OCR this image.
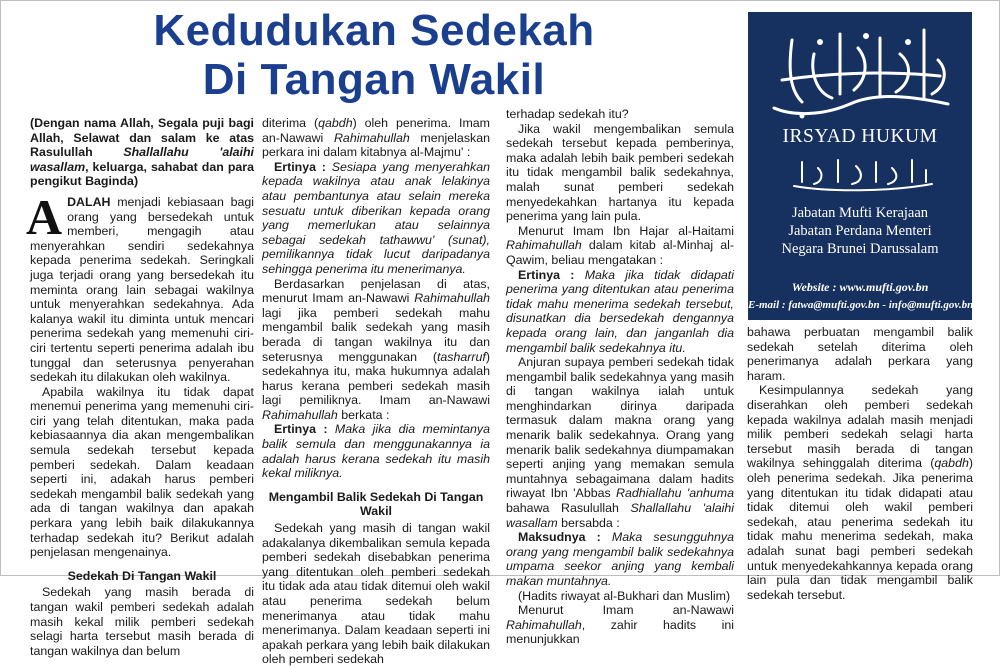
Kedudukan Sedekah
Di Tangan Wakil
IRSYAD HUKUM
Jabatan Mufti Kerajaan
Jabatan Perdana Menteri
Negara Brunei Darussalam
Website : www.mufti.gov.bn
E-mail : fatwa@mufti.gov.bn - info@mufti.gov.bn

(Dengan nama Allah, Segala puji bagi Allah, Selawat dan salam ke atas Rasulullah Shallallahu 'alaihi wasallam, keluarga, sahabat dan para pengikut Baginda)

ADALAH menjadi kebiasaan bagi orang yang bersedekah untuk memberi, mengagih atau menyerahkan sendiri sedekahnya kepada penerima sedekah. Seringkali juga terjadi orang yang bersedekah itu meminta orang lain sebagai wakilnya untuk menyerahkan sedekahnya. Ada kalanya wakil itu diminta untuk mencari penerima sedekah yang memenuhi ciri-ciri tertentu seperti penerima adalah ibu tunggal dan seterusnya penyerahan sedekah itu dilakukan oleh wakilnya.

Apabila wakilnya itu tidak dapat menemui penerima yang memenuhi ciri-ciri yang telah ditentukan, maka pada kebiasaannya dia akan mengembalikan semula sedekah tersebut kepada pemberi sedekah. Dalam keadaan seperti ini, adakah harus pemberi sedekah mengambil balik sedekah yang ada di tangan wakilnya dan apakah perkara yang lebih baik dilakukannya terhadap sedekah itu? Berikut adalah penjelasan mengenainya.

Sedekah Di Tangan Wakil

Sedekah yang masih berada di tangan wakil pemberi sedekah adalah masih kekal milik pemberi sedekah selagi harta tersebut masih berada di tangan wakilnya dan belum

diterima (qabdh) oleh penerima. Imam an-Nawawi Rahimahullah menjelaskan perkara ini dalam kitabnya al-Majmu' :

Ertinya : Sesiapa yang menyerahkan kepada wakilnya atau anak lelakinya atau pembantunya atau selain mereka sesuatu untuk diberikan kepada orang yang memerlukan atau selainnya sebagai sedekah tathawwu' (sunat), pemilikannya tidak lucut daripadanya sehingga penerima itu menerimanya.

Berdasarkan penjelasan di atas, menurut Imam an-Nawawi Rahimahullah lagi jika pemberi sedekah mahu mengambil balik sedekah yang masih berada di tangan wakilnya itu dan seterusnya menggunakan (tasharruf) sedekahnya itu, maka hukumnya adalah harus kerana pemberi sedekah masih lagi pemiliknya. Imam an-Nawawi Rahimahullah berkata :

Ertinya : Maka jika dia memintanya balik semula dan menggunakannya ia adalah harus kerana sedekah itu masih kekal miliknya.

Mengambil Balik Sedekah Di Tangan Wakil

Sedekah yang masih di tangan wakil adakalanya dikembalikan semula kepada pemberi sedekah disebabkan penerima yang ditentukan oleh pemberi sedekah itu tidak ada atau tidak ditemui oleh wakil atau penerima sedekah belum menerimanya atau tidak mahu menerimanya. Dalam keadaan seperti ini apakah perkara yang lebih baik dilakukan oleh pemberi sedekah

terhadap sedekah itu?

Jika wakil mengembalikan semula sedekah tersebut kepada pemberinya, maka adalah lebih baik pemberi sedekah itu tidak mengambil balik sedekahnya, malah sunat pemberi sedekah menyedekahkan hartanya itu kepada penerima yang lain pula.

Menurut Imam Ibn Hajar al-Haitami Rahimahullah dalam kitab al-Minhaj al-Qawim, beliau mengatakan :

Ertinya : Maka jika tidak didapati penerima yang ditentukan atau penerima tidak mahu menerima sedekah tersebut, disunatkan dia bersedekah dengannya kepada orang lain, dan janganlah dia mengambil balik sedekahnya itu.

Anjuran supaya pemberi sedekah tidak mengambil balik sedekahnya yang masih di tangan wakilnya ialah untuk menghindarkan dirinya daripada termasuk dalam makna orang yang menarik balik sedekahnya. Orang yang menarik balik sedekahnya diumpamakan seperti anjing yang memakan semula muntahnya sebagaimana dalam hadits riwayat Ibn 'Abbas Radhiallahu 'anhuma bahawa Rasulullah Shallallahu 'alaihi wasallam bersabda :

Maksudnya : Maka sesungguhnya orang yang mengambil balik sedekahnya umpama seekor anjing yang kembali makan muntahnya.

(Hadits riwayat al-Bukhari dan Muslim)

Menurut Imam an-Nawawi Rahimahullah, zahir hadits ini menunjukkan

bahawa perbuatan mengambil balik sedekah setelah diterima oleh penerimanya adalah perkara yang haram.

Kesimpulannya sedekah yang diserahkan oleh pemberi sedekah kepada wakilnya adalah masih menjadi milik pemberi sedekah selagi harta tersebut masih berada di tangan wakilnya sehinggalah diterima (qabdh) oleh penerima sedekah. Jika penerima yang ditentukan itu tidak didapati atau tidak ditemui oleh wakil pemberi sedekah, atau penerima sedekah itu tidak mahu menerima sedekah, maka adalah sunat bagi pemberi sedekah untuk menyedekahkannya kepada orang lain pula dan tidak mengambil balik sedekah tersebut.
